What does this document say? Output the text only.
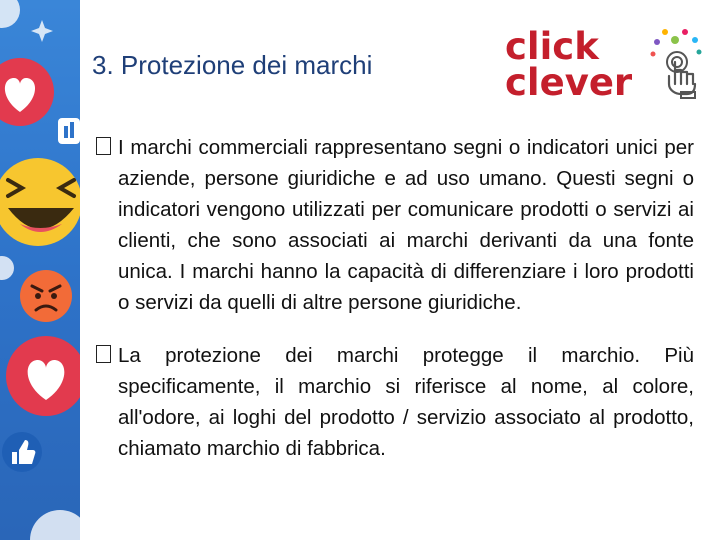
3. Protezione dei marchi	click
clever

I marchi commerciali rappresentano segni o indicatori unici per aziende, persone giuridiche e ad uso umano. Questi segni o indicatori vengono utilizzati per comunicare prodotti o servizi ai clienti, che sono associati ai marchi derivanti da una fonte unica. I marchi hanno la capacità di differenziare i loro prodotti o servizi da quelli di altre persone giuridiche.

La protezione dei marchi protegge il marchio. Più specificamente, il marchio si riferisce al nome, al colore, all'odore, ai loghi del prodotto / servizio associato al prodotto, chiamato marchio di fabbrica.
